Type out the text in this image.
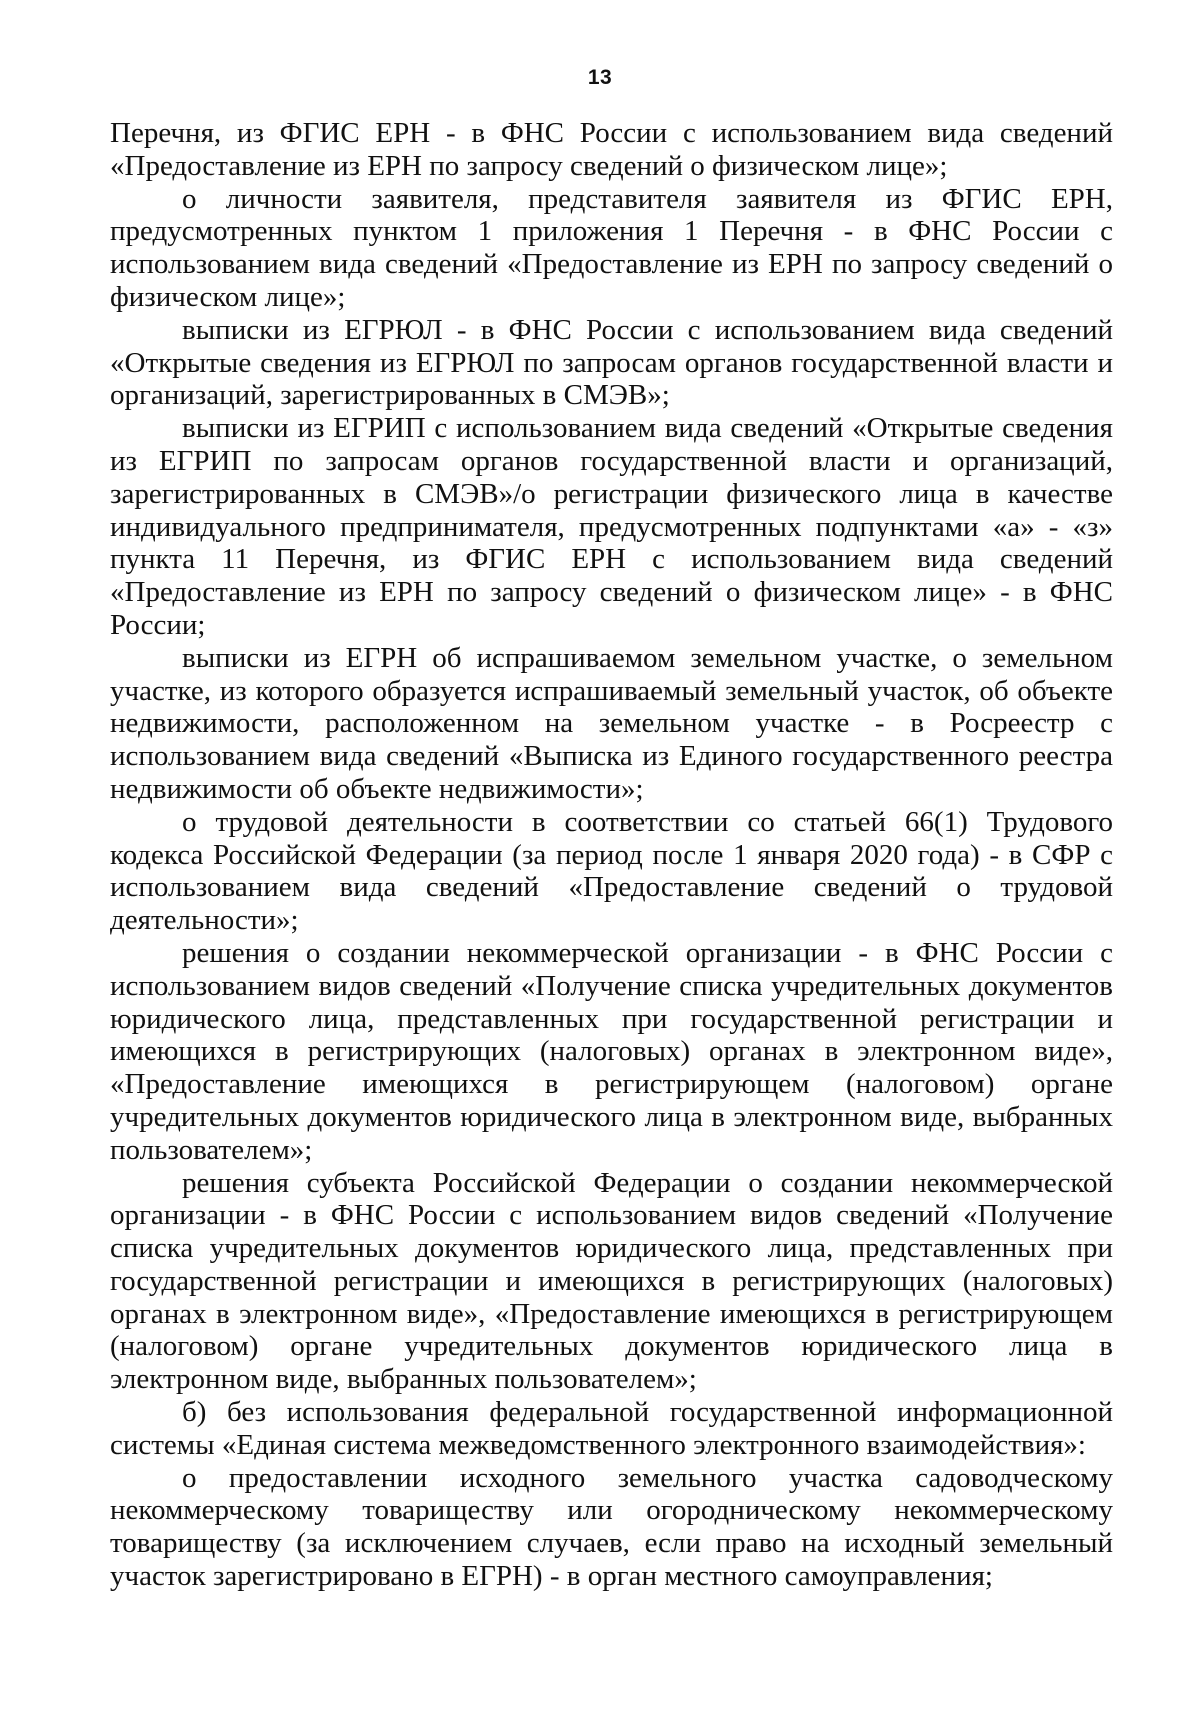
13

Перечня, из ФГИС ЕРН - в ФНС России с использованием вида сведений «Предоставление из ЕРН по запросу сведений о физическом лице»;

о личности заявителя, представителя заявителя из ФГИС ЕРН, предусмотренных пунктом 1 приложения 1 Перечня - в ФНС России с использованием вида сведений «Предоставление из ЕРН по запросу сведений о физическом лице»;

выписки из ЕГРЮЛ - в ФНС России с использованием вида сведений «Открытые сведения из ЕГРЮЛ по запросам органов государственной власти и организаций, зарегистрированных в СМЭВ»;

выписки из ЕГРИП с использованием вида сведений «Открытые сведения из ЕГРИП по запросам органов государственной власти и организаций, зарегистрированных в СМЭВ»/о регистрации физического лица в качестве индивидуального предпринимателя, предусмотренных подпунктами «а» - «з» пункта 11 Перечня, из ФГИС ЕРН с использованием вида сведений «Предоставление из ЕРН по запросу сведений о физическом лице» - в ФНС России;

выписки из ЕГРН об испрашиваемом земельном участке, о земельном участке, из которого образуется испрашиваемый земельный участок, об объекте недвижимости, расположенном на земельном участке - в Росреестр с использованием вида сведений «Выписка из Единого государственного реестра недвижимости об объекте недвижимости»;

о трудовой деятельности в соответствии со статьей 66(1) Трудового кодекса Российской Федерации (за период после 1 января 2020 года) - в СФР с использованием вида сведений «Предоставление сведений о трудовой деятельности»;

решения о создании некоммерческой организации - в ФНС России с использованием видов сведений «Получение списка учредительных документов юридического лица, представленных при государственной регистрации и имеющихся в регистрирующих (налоговых) органах в электронном виде», «Предоставление имеющихся в регистрирующем (налоговом) органе учредительных документов юридического лица в электронном виде, выбранных пользователем»;

решения субъекта Российской Федерации о создании некоммерческой организации - в ФНС России с использованием видов сведений «Получение списка учредительных документов юридического лица, представленных при государственной регистрации и имеющихся в регистрирующих (налоговых) органах в электронном виде», «Предоставление имеющихся в регистрирующем (налоговом) органе учредительных документов юридического лица в электронном виде, выбранных пользователем»;

б) без использования федеральной государственной информационной системы «Единая система межведомственного электронного взаимодействия»:

о предоставлении исходного земельного участка садоводческому некоммерческому товариществу или огородническому некоммерческому товариществу (за исключением случаев, если право на исходный земельный участок зарегистрировано в ЕГРН) - в орган местного самоуправления;
